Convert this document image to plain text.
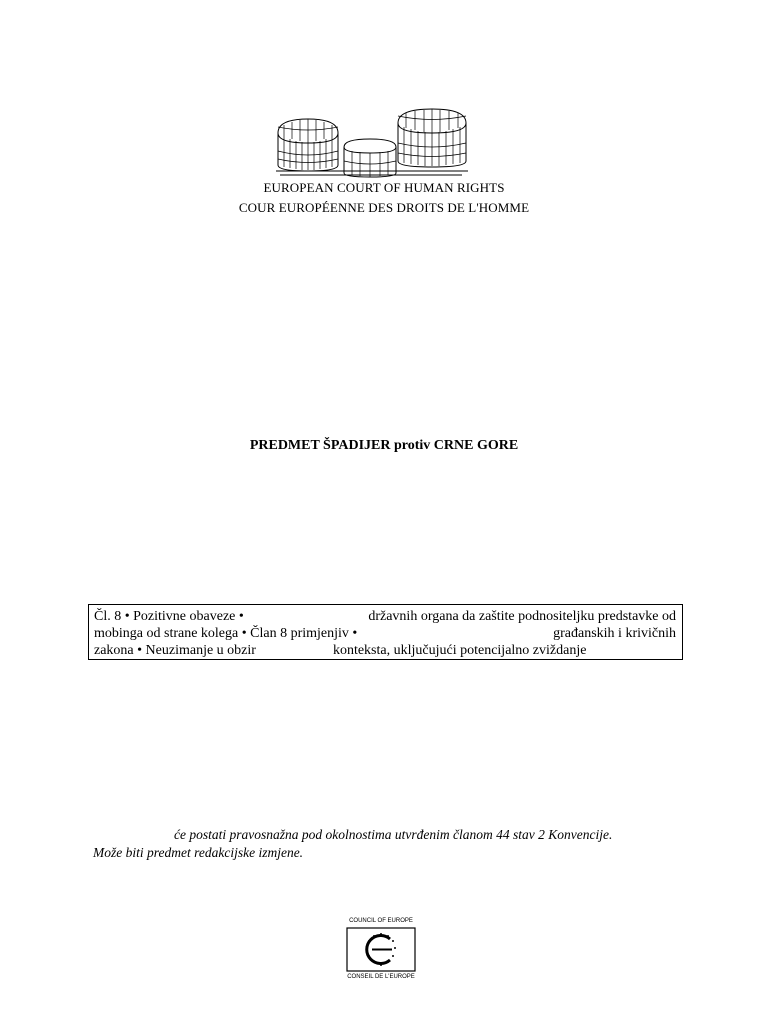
EUROPEAN COURT OF HUMAN RIGHTS
COUR EUROPÉENNE DES DROITS DE L'HOMME
PREDMET ŠPADIJER protiv CRNE GORE
Čl. 8 • Pozitivne obaveze •	državnih organa da zaštite podnositeljku predstavke od
mobinga od strane kolega • Član 8 primjenjiv •	građanskih i krivičnih
zakona • Neuzimanje u obzir	konteksta, uključujući potencijalno zviždanje
će postati pravosnažna pod okolnostima utvrđenim članom 44 stav 2 Konvencije.
Može biti predmet redakcijske izmjene.
COUNCIL OF EUROPE
CONSEIL DE L'EUROPE
